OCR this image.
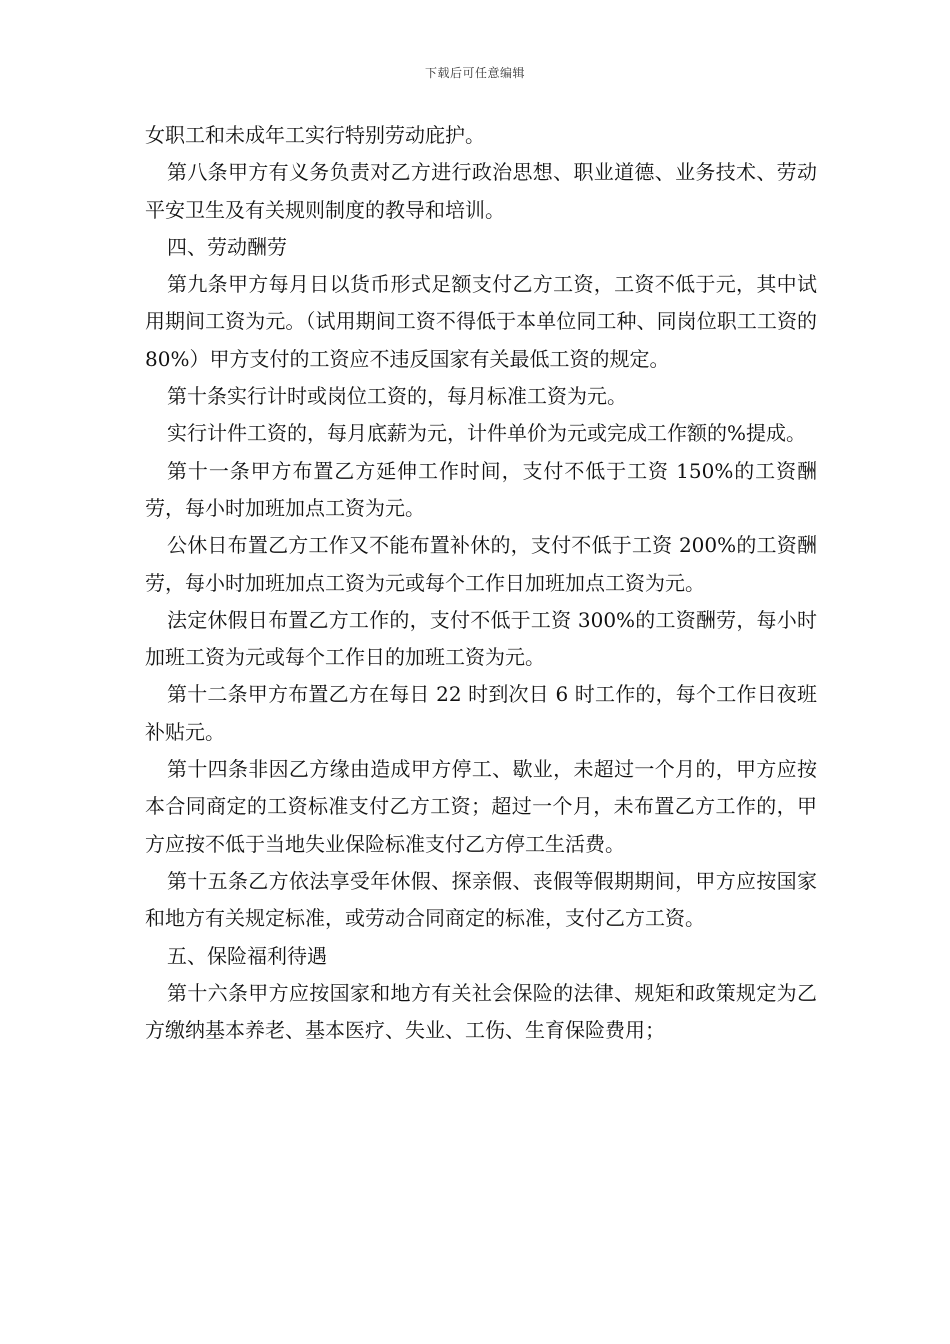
下载后可任意编辑

女职工和未成年工实行特别劳动庇护。

第八条甲方有义务负责对乙方进行政治思想、职业道德、业务技术、劳动平安卫生及有关规则制度的教导和培训。

四、劳动酬劳

第九条甲方每月日以货币形式足额支付乙方工资，工资不低于元，其中试用期间工资为元。（试用期间工资不得低于本单位同工种、同岗位职工工资的80%）甲方支付的工资应不违反国家有关最低工资的规定。

第十条实行计时或岗位工资的，每月标准工资为元。

实行计件工资的，每月底薪为元，计件单价为元或完成工作额的%提成。

第十一条甲方布置乙方延伸工作时间，支付不低于工资 150%的工资酬劳，每小时加班加点工资为元。

公休日布置乙方工作又不能布置补休的，支付不低于工资 200%的工资酬劳，每小时加班加点工资为元或每个工作日加班加点工资为元。

法定休假日布置乙方工作的，支付不低于工资 300%的工资酬劳，每小时加班工资为元或每个工作日的加班工资为元。

第十二条甲方布置乙方在每日 22 时到次日 6 时工作的，每个工作日夜班补贴元。

第十四条非因乙方缘由造成甲方停工、歇业，未超过一个月的，甲方应按本合同商定的工资标准支付乙方工资；超过一个月，未布置乙方工作的，甲方应按不低于当地失业保险标准支付乙方停工生活费。

第十五条乙方依法享受年休假、探亲假、丧假等假期期间，甲方应按国家和地方有关规定标准，或劳动合同商定的标准，支付乙方工资。

五、保险福利待遇

第十六条甲方应按国家和地方有关社会保险的法律、规矩和政策规定为乙方缴纳基本养老、基本医疗、失业、工伤、生育保险费用；
